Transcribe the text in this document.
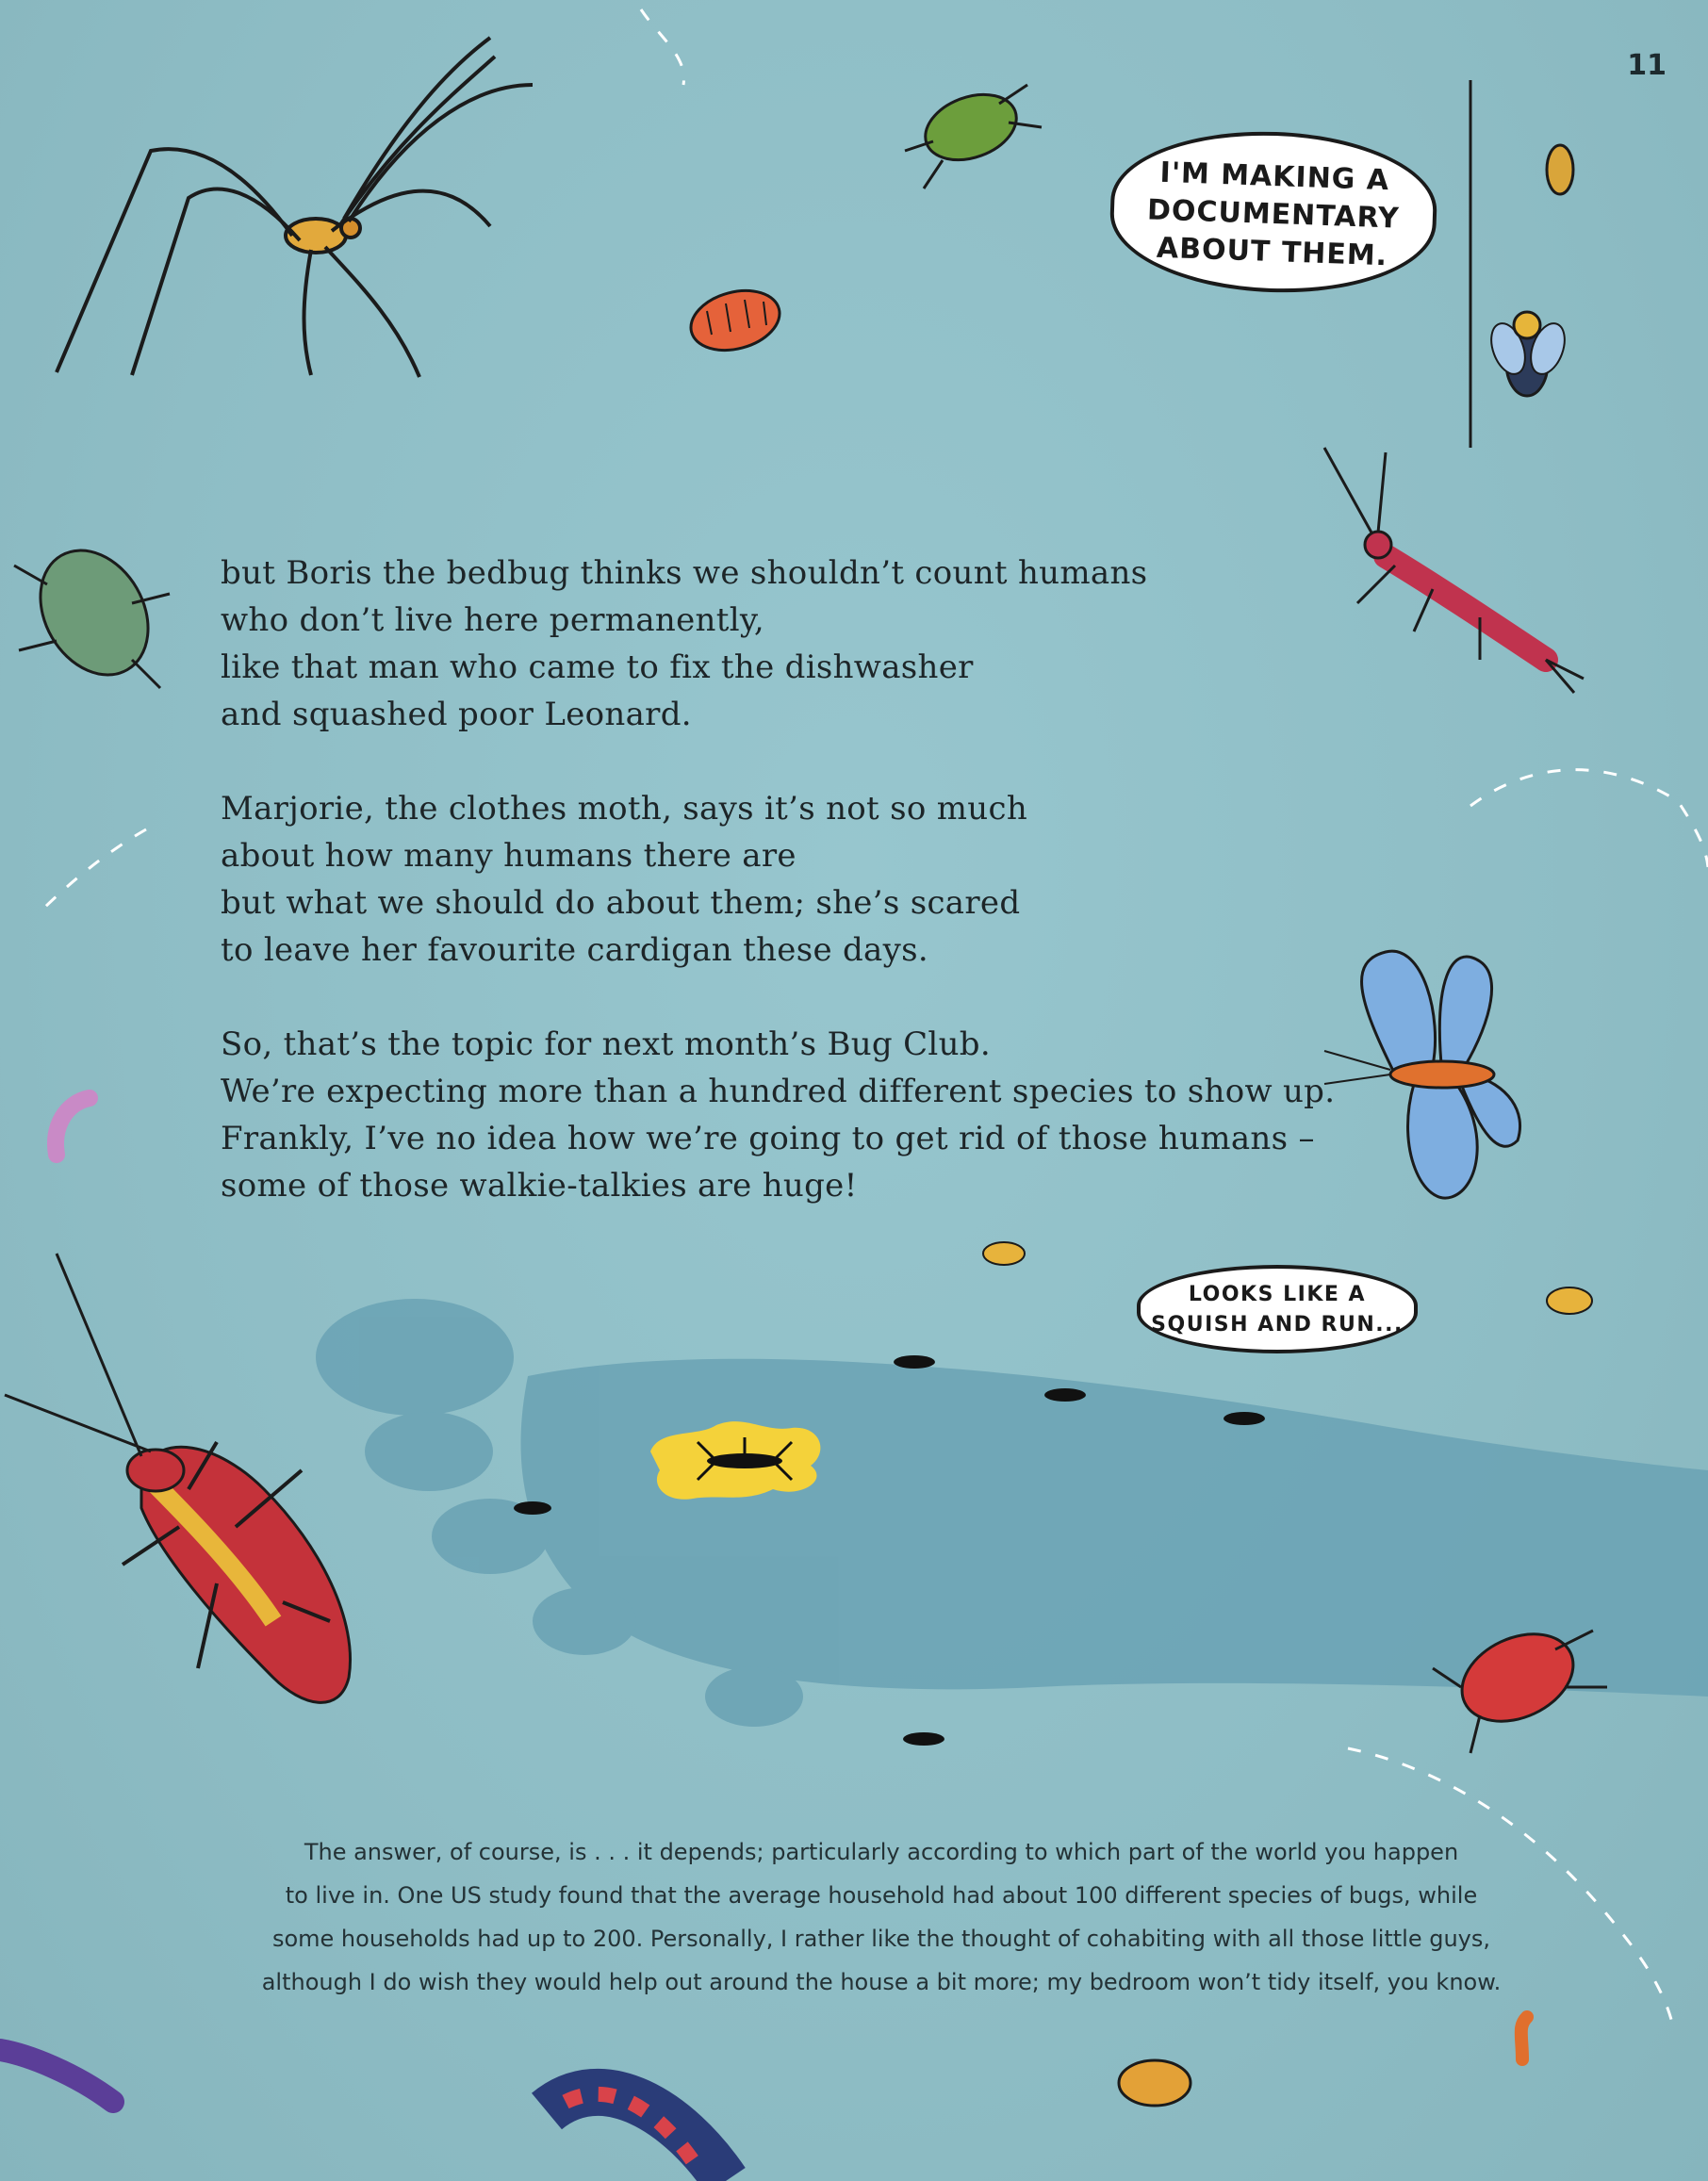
11
I'M MAKING A
DOCUMENTARY
ABOUT THEM.
LOOKS LIKE A
SQUISH AND RUN...
but Boris the bedbug thinks we shouldn’t count humans
who don’t live here permanently,
like that man who came to fix the dishwasher
and squashed poor Leonard.
Marjorie, the clothes moth, says it’s not so much
about how many humans there are
but what we should do about them; she’s scared
to leave her favourite cardigan these days.
So, that’s the topic for next month’s Bug Club.
We’re expecting more than a hundred different species to show up.
Frankly, I’ve no idea how we’re going to get rid of those humans –
some of those walkie-talkies are huge!
The answer, of course, is . . . it depends; particularly according to which part of the world you happen
to live in. One US study found that the average household had about 100 different species of bugs, while
some households had up to 200. Personally, I rather like the thought of cohabiting with all those little guys,
although I do wish they would help out around the house a bit more; my bedroom won’t tidy itself, you know.
